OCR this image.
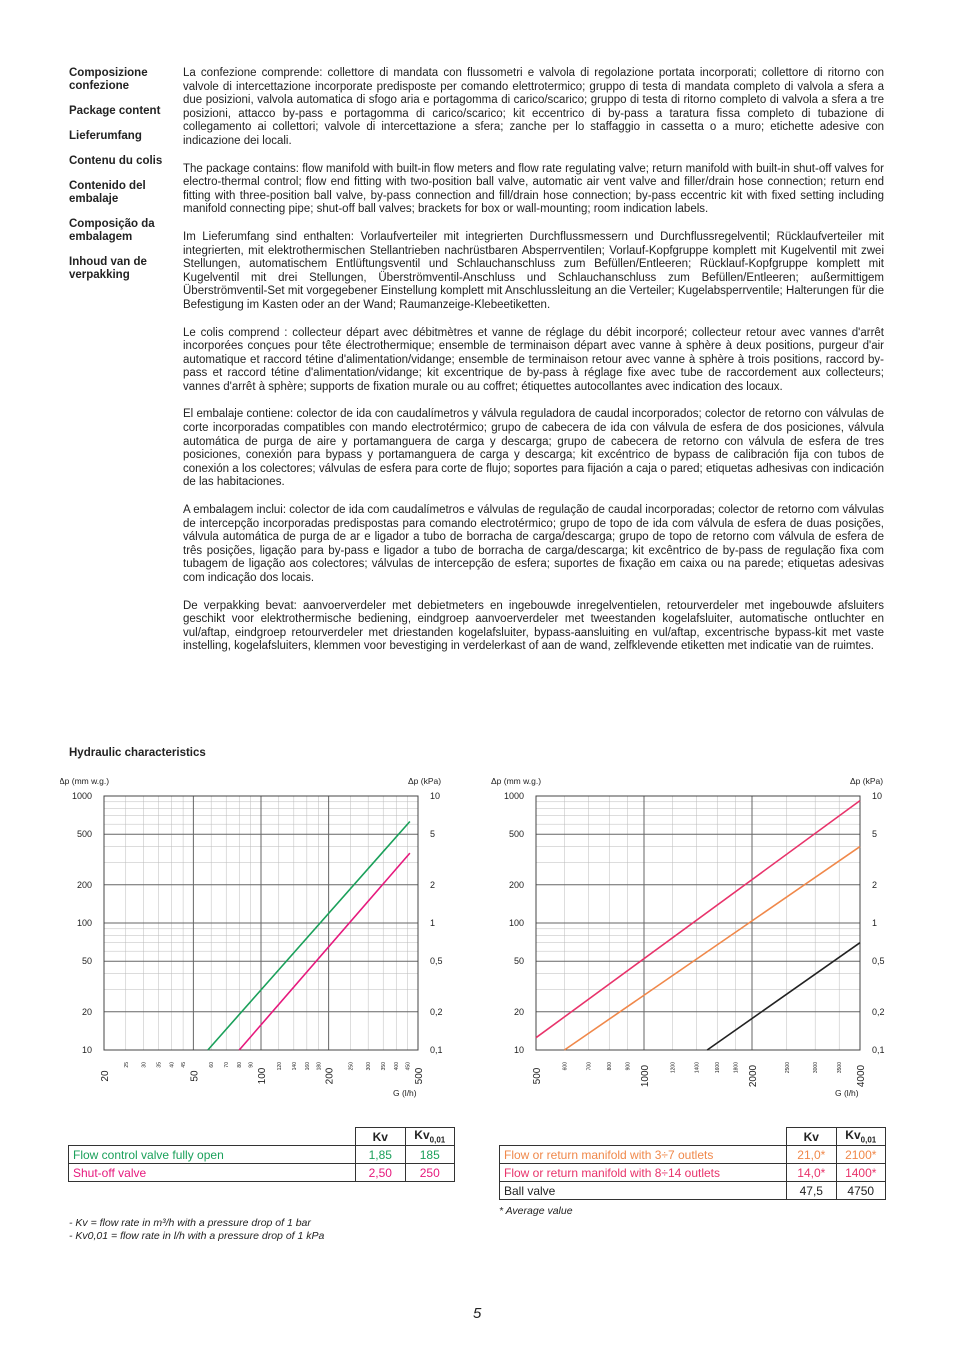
Composizione confezione
Package content
Lieferumfang
Contenu du colis
Contenido del embalaje
Composição da embalagem
Inhoud van de verpakking

La confezione comprende: collettore di mandata con flussometri e valvola di regolazione portata incorporati; collettore di ritorno con valvole di intercettazione incorporate predisposte per comando elettrotermico; gruppo di testa di mandata completo di valvola a sfera a due posizioni, valvola automatica di sfogo aria e portagomma di carico/scarico; gruppo di testa di ritorno completo di valvola a sfera a tre posizioni, attacco by-pass e portagomma di carico/scarico; kit eccentrico di by-pass a taratura fissa completo di tubazione di collegamento ai collettori; valvole di intercettazione a sfera; zanche per lo staffaggio in cassetta o a muro; etichette adesive con indicazione dei locali.

The package contains: flow manifold with built-in flow meters and flow rate regulating valve; return manifold with built-in shut-off valves for electro-thermal control; flow end fitting with two-position ball valve, automatic air vent valve and filler/drain hose connection; return end fitting with three-position ball valve, by-pass connection and fill/drain hose connection; by-pass eccentric kit with fixed setting including manifold connecting pipe; shut-off ball valves; brackets for box or wall-mounting; room indication labels.

Im Lieferumfang sind enthalten: Vorlaufverteiler mit integrierten Durchflussmessern und Durchflussregelventil; Rücklaufverteiler mit integrierten, mit elektrothermischen Stellantrieben nachrüstbaren Absperrventilen; Vorlauf-Kopfgruppe komplett mit Kugelventil mit zwei Stellungen, automatischem Entlüftungsventil und Schlauchanschluss zum Befüllen/Entleeren; Rücklauf-Kopfgruppe komplett mit Kugelventil mit drei Stellungen, Überströmventil-Anschluss und Schlauchanschluss zum Befüllen/Entleeren; außermittigem Überströmventil-Set mit vorgegebener Einstellung komplett mit Anschlussleitung an die Verteiler; Kugelabsperrventile; Halterungen für die Befestigung im Kasten oder an der Wand; Raumanzeige-Klebeetiketten.

Le colis comprend : collecteur départ avec débitmètres et vanne de réglage du débit incorporé; collecteur retour avec vannes d'arrêt incorporées conçues pour tête électrothermique; ensemble de terminaison départ avec vanne à sphère à deux positions, purgeur d'air automatique et raccord tétine d'alimentation/vidange; ensemble de terminaison retour avec vanne à sphère à trois positions, raccord by-pass et raccord tétine d'alimentation/vidange; kit excentrique de by-pass à réglage fixe avec tube de raccordement aux collecteurs; vannes d'arrêt à sphère; supports de fixation murale ou au coffret; étiquettes autocollantes avec indication des locaux.

El embalaje contiene: colector de ida con caudalímetros y válvula reguladora de caudal incorporados; colector de retorno con válvulas de corte incorporadas compatibles con mando electrotérmico; grupo de cabecera de ida con válvula de esfera de dos posiciones, válvula automática de purga de aire y portamanguera de carga y descarga; grupo de cabecera de retorno con válvula de esfera de tres posiciones, conexión para bypass y portamanguera de carga y descarga; kit excéntrico de bypass de calibración fija con tubos de conexión a los colectores; válvulas de esfera para corte de flujo; soportes para fijación a caja o pared; etiquetas adhesivas con indicación de las habitaciones.

A embalagem inclui: colector de ida com caudalímetros e válvulas de regulação de caudal incorporadas; colector de retorno com válvulas de intercepção incorporadas predispostas para comando electrotérmico; grupo de topo de ida com válvula de esfera de duas posições, válvula automática de purga de ar e ligador a tubo de borracha de carga/descarga; grupo de topo de retorno com válvula de esfera de três posições, ligação para by-pass e ligador a tubo de borracha de carga/descarga; kit excêntrico de by-pass de regulação fixa com tubagem de ligação aos colectores; válvulas de intercepção de esfera; suportes de fixação em caixa ou na parede; etiquetas adesivas com indicação dos locais.

De verpakking bevat: aanvoerverdeler met debietmeters en ingebouwde inregelventielen, retourverdeler met ingebouwde afsluiters geschikt voor elektrothermische bediening, eindgroep aanvoerverdeler met tweestanden kogelafsluiter, automatische ontluchter en vul/aftap, eindgroep retourverdeler met driestanden kogelafsluiter, bypass-aansluiting en vul/aftap, excentrische bypass-kit met vaste instelling, kogelafsluiters, klemmen voor bevestiging in verdelerkast of aan de wand, zelfklevende etiketten met indicatie van de ruimtes.

Hydraulic characteristics
25 30 35 40 45	60 70 80 90	120 140 160 180	250 300 350 400 450
10	0,1
20	0,2
50	0,5
100	1
200	2
500	5
1000	10
20	50	100	200	500
Δp (mm w.g.)	Δp (kPa)
G (l/h)
600	700	800 900	1200	1400	1600 1800	2500	3000	3500
10	0,1
20	0,2
50	0,5
100	1
200	2
500	5
1000	10
500	1000	2000	4000
Δp (mm w.g.)	Δp (kPa)
G (l/h)
	Kv	$Kv_{0,01}$
Flow control valve fully open	1,85	185
Shut-off valve	2,50	250
	Kv	$Kv_{0,01}$
Flow or return manifold with 3÷7 outlets	21,0*	2100*
Flow or return manifold with 8÷14 outlets	14,0*	1400*
Ball valve	47,5	4750
* Average value
- Kv = flow rate in m³/h with a pressure drop of 1 bar
- Kv0,01 = flow rate in l/h with a pressure drop of 1 kPa
5
